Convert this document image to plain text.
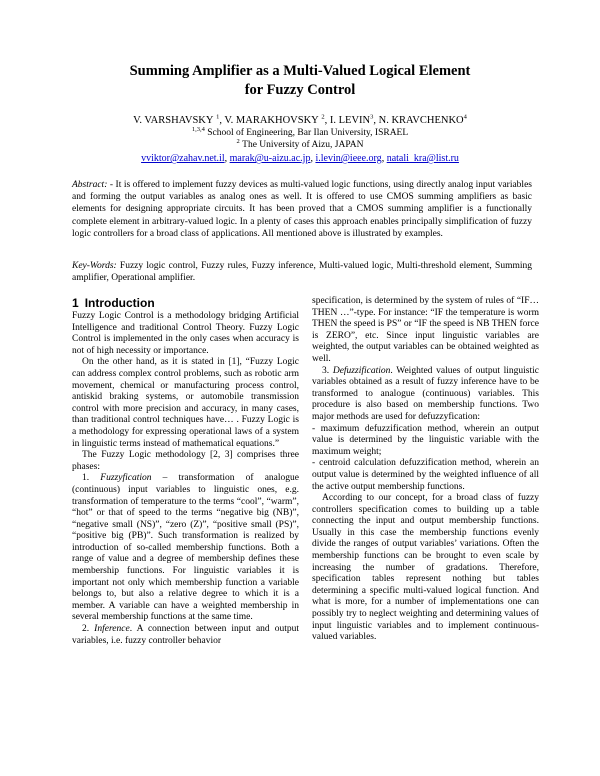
Summing Amplifier as a Multi-Valued Logical Element
for Fuzzy Control
V. VARSHAVSKY $^1$, V. MARAKHOVSKY $^2$, I. LEVIN$^3$, N. KRAVCHENKO$^4$
$^{1,3,4}$ School of Engineering, Bar Ilan University, ISRAEL
$^2$ The University of Aizu, JAPAN
vviktor@zahav.net.il, marak@u-aizu.ac.jp, i.levin@ieee.org, natali_kra@list.ru
Abstract: - It is offered to implement fuzzy devices as multi-valued logic functions, using directly analog input variables and forming the output variables as analog ones as well. It is offered to use CMOS summing amplifiers as basic elements for designing appropriate circuits. It has been proved that a CMOS summing amplifier is a functionally complete element in arbitrary-valued logic. In a plenty of cases this approach enables principally simplification of fuzzy logic controllers for a broad class of applications. All mentioned above is illustrated by examples.
Key-Words: Fuzzy logic control, Fuzzy rules, Fuzzy inference, Multi-valued logic, Multi-threshold element, Summing amplifier, Operational amplifier.
1 Introduction

Fuzzy Logic Control is a methodology bridging Artificial Intelligence and traditional Control Theory. Fuzzy Logic Control is implemented in the only cases when accuracy is not of high necessity or importance.

On the other hand, as it is stated in [1], “Fuzzy Logic can address complex control problems, such as robotic arm movement, chemical or manufacturing process control, antiskid braking systems, or automobile transmission control with more precision and accuracy, in many cases, than traditional control techniques have… . Fuzzy Logic is a methodology for expressing operational laws of a system in linguistic terms instead of mathematical equations.”

The Fuzzy Logic methodology [2, 3] comprises three phases:

1. Fuzzyfication – transformation of analogue (continuous) input variables to linguistic ones, e.g. transformation of temperature to the terms “cool”, “warm”, “hot” or that of speed to the terms “negative big (NB)”, “negative small (NS)”, “zero (Z)”, “positive small (PS)”, “positive big (PB)”. Such transformation is realized by introduction of so-called membership functions. Both a range of value and a degree of membership defines these membership functions. For linguistic variables it is important not only which membership function a variable belongs to, but also a relative degree to which it is a member. A variable can have a weighted membership in several membership functions at the same time.

2. Inference. A connection between input and output variables, i.e. fuzzy controller behavior

specification, is determined by the system of rules of “IF… THEN …”-type. For instance: “IF the temperature is worm THEN the speed is PS” or “IF the speed is NB THEN force is ZERO”, etc. Since input linguistic variables are weighted, the output variables can be obtained weighted as well.

3. Defuzzification. Weighted values of output linguistic variables obtained as a result of fuzzy inference have to be transformed to analogue (continuous) variables. This procedure is also based on membership functions. Two major methods are used for defuzzyfication:

- maximum defuzzification method, wherein an output value is determined by the linguistic variable with the maximum weight;

- centroid calculation defuzzification method, wherein an output value is determined by the weighted influence of all the active output membership functions.

According to our concept, for a broad class of fuzzy controllers specification comes to building up a table connecting the input and output membership functions. Usually in this case the membership functions evenly divide the ranges of output variables’ variations. Often the membership functions can be brought to even scale by increasing the number of gradations. Therefore, specification tables represent nothing but tables determining a specific multi-valued logical function. And what is more, for a number of implementations one can possibly try to neglect weighting and determining values of input linguistic variables and to implement continuous-valued variables.
